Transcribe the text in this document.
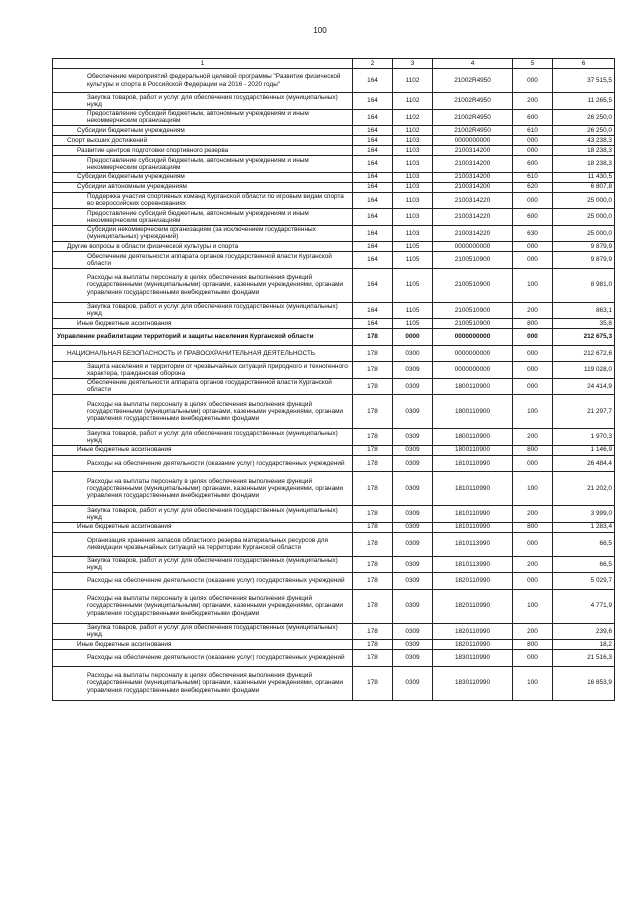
100
1	2	3	4	5	6
Обеспечение мероприятий федеральной целевой программы "Развитие физической культуры и спорта в Российской Федерации на 2016 - 2020 годы"	164	1102	21002R4950	000	37 515,5
Закупка товаров, работ и услуг для обеспечения государственных (муниципальных) нужд	164	1102	21002R4950	200	11 265,5
Предоставление субсидий бюджетным, автономным учреждениям и иным некоммерческим организациям	164	1102	21002R4950	600	26 250,0
Субсидии бюджетным учреждениям	164	1102	21002R4950	610	26 250,0
Спорт высших достижений	164	1103	0000000000	000	43 238,3
Развитие центров подготовки спортивного резерва	164	1103	2100314200	000	18 238,3
Предоставление субсидий бюджетным, автономным учреждениям и иным некоммерческим организациям	164	1103	2100314200	600	18 238,3
Субсидии бюджетным учреждениям	164	1103	2100314200	610	11 430,5
Субсидии автономным учреждениям	164	1103	2100314200	620	6 807,8
Поддержка участия спортивных команд Курганской области по игровым видам спорта во всероссийских соревнованиях	164	1103	2100314220	000	25 000,0
Предоставление субсидий бюджетным, автономным учреждениям и иным некоммерческим организациям	164	1103	2100314220	600	25 000,0
Субсидии некоммерческим организациям (за исключением государственных (муниципальных) учреждений)	164	1103	2100314220	630	25 000,0
Другие вопросы в области физической культуры и спорта	164	1105	0000000000	000	9 879,9
Обеспечение деятельности аппарата органов государственной власти Курганской области	164	1105	2100510900	000	9 879,9
Расходы на выплаты персоналу в целях обеспечения выполнения функций государственными (муниципальными) органами, казенными учреждениями, органами управления государственными внебюджетными фондами	164	1105	2100510900	100	8 981,0
Закупка товаров, работ и услуг для обеспечения государственных (муниципальных) нужд	164	1105	2100510900	200	863,1
Иные бюджетные ассигнования	164	1105	2100510900	800	35,8
Управление реабилитации территорий и защиты населения Курганской области	178	0000	0000000000	000	212 675,3
НАЦИОНАЛЬНАЯ БЕЗОПАСНОСТЬ И ПРАВООХРАНИТЕЛЬНАЯ ДЕЯТЕЛЬНОСТЬ	178	0300	0000000000	000	212 672,6
Защита населения и территории от чрезвычайных ситуаций природного и техногенного характера, гражданская оборона	178	0309	0000000000	000	119 028,0
Обеспечение деятельности аппарата органов государственной власти Курганской области	178	0309	1800110900	000	24 414,9
Расходы на выплаты персоналу в целях обеспечения выполнения функций государственными (муниципальными) органами, казенными учреждениями, органами управления государственными внебюджетными фондами	178	0309	1800110900	100	21 297,7
Закупка товаров, работ и услуг для обеспечения государственных (муниципальных) нужд	178	0309	1800110900	200	1 970,3
Иные бюджетные ассигнования	178	0309	1800110900	800	1 146,9
Расходы на обеспечение деятельности (оказание услуг) государственных учреждений	178	0309	1810110990	000	26 484,4
Расходы на выплаты персоналу в целях обеспечения выполнения функций государственными (муниципальными) органами, казенными учреждениями, органами управления государственными внебюджетными фондами	178	0309	1810110990	100	21 202,0
Закупка товаров, работ и услуг для обеспечения государственных (муниципальных) нужд	178	0309	1810110990	200	3 999,0
Иные бюджетные ассигнования	178	0309	1810110990	800	1 283,4
Организация хранения запасов областного резерва материальных ресурсов для ликвидации чрезвычайных ситуаций на территории Курганской области	178	0309	1810113990	000	66,5
Закупка товаров, работ и услуг для обеспечения государственных (муниципальных) нужд	178	0309	1810113990	200	66,5
Расходы на обеспечение деятельности (оказание услуг) государственных учреждений	178	0309	1820110990	000	5 029,7
Расходы на выплаты персоналу в целях обеспечения выполнения функций государственными (муниципальными) органами, казенными учреждениями, органами управления государственными внебюджетными фондами	178	0309	1820110990	100	4 771,9
Закупка товаров, работ и услуг для обеспечения государственных (муниципальных) нужд	178	0309	1820110990	200	239,6
Иные бюджетные ассигнования	178	0309	1820110990	800	18,2
Расходы на обеспечение деятельности (оказание услуг) государственных учреждений	178	0309	1830110990	000	21 516,3
Расходы на выплаты персоналу в целях обеспечения выполнения функций государственными (муниципальными) органами, казенными учреждениями, органами управления государственными внебюджетными фондами	178	0309	1830110990	100	16 853,9
